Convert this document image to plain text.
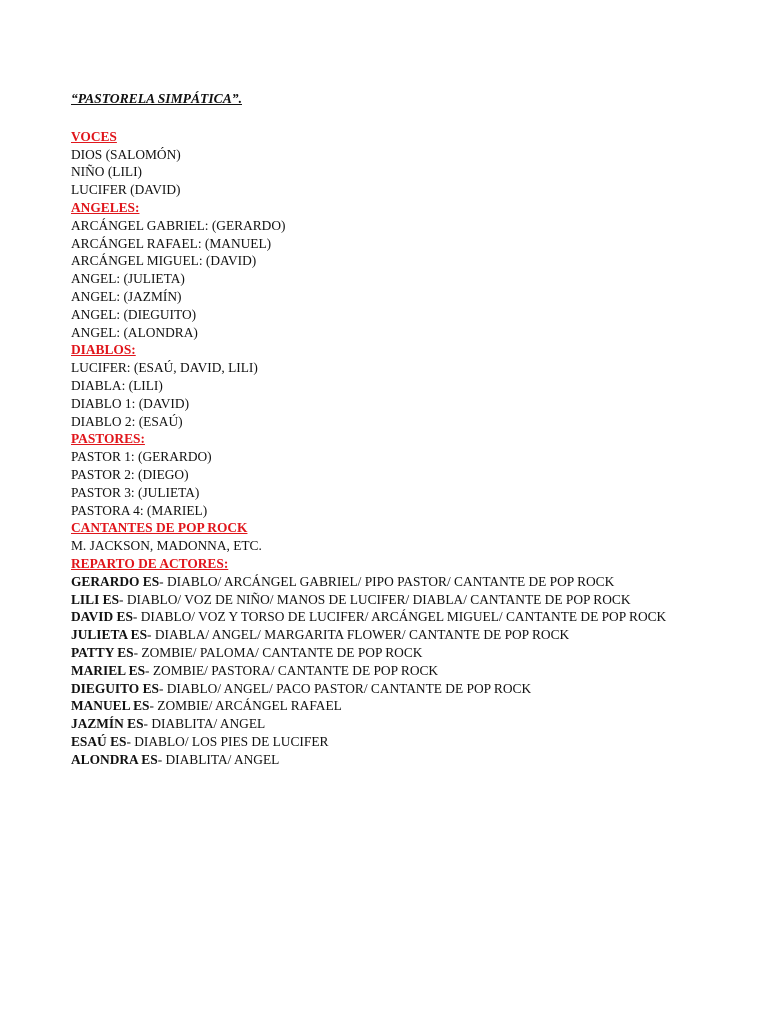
“PASTORELA SIMPÁTICA”.
VOCES
DIOS (SALOMÓN)
NIÑO (LILI)
LUCIFER (DAVID)
ANGELES:
ARCÁNGEL GABRIEL: (GERARDO)
ARCÁNGEL RAFAEL: (MANUEL)
ARCÁNGEL MIGUEL: (DAVID)
ANGEL: (JULIETA)
ANGEL: (JAZMÍN)
ANGEL: (DIEGUITO)
ANGEL: (ALONDRA)
DIABLOS:
LUCIFER: (ESAÚ, DAVID, LILI)
DIABLA: (LILI)
DIABLO 1: (DAVID)
DIABLO 2: (ESAÚ)
PASTORES:
PASTOR 1: (GERARDO)
PASTOR 2: (DIEGO)
PASTOR 3: (JULIETA)
PASTORA 4: (MARIEL)
CANTANTES DE POP ROCK
M. JACKSON, MADONNA, ETC.
REPARTO DE ACTORES:
GERARDO ES- DIABLO/ ARCÁNGEL GABRIEL/ PIPO PASTOR/ CANTANTE DE POP ROCK
LILI ES- DIABLO/ VOZ DE NIÑO/ MANOS DE LUCIFER/ DIABLA/ CANTANTE DE POP ROCK
DAVID ES- DIABLO/ VOZ Y TORSO DE LUCIFER/ ARCÁNGEL MIGUEL/ CANTANTE DE POP ROCK
JULIETA ES- DIABLA/ ANGEL/ MARGARITA FLOWER/ CANTANTE DE POP ROCK
PATTY ES- ZOMBIE/ PALOMA/ CANTANTE DE POP ROCK
MARIEL ES- ZOMBIE/ PASTORA/ CANTANTE DE POP ROCK
DIEGUITO ES- DIABLO/ ANGEL/ PACO PASTOR/ CANTANTE DE POP ROCK
MANUEL ES- ZOMBIE/ ARCÁNGEL RAFAEL
JAZMÍN ES- DIABLITA/ ANGEL
ESAÚ ES- DIABLO/ LOS PIES DE LUCIFER
ALONDRA ES- DIABLITA/ ANGEL
